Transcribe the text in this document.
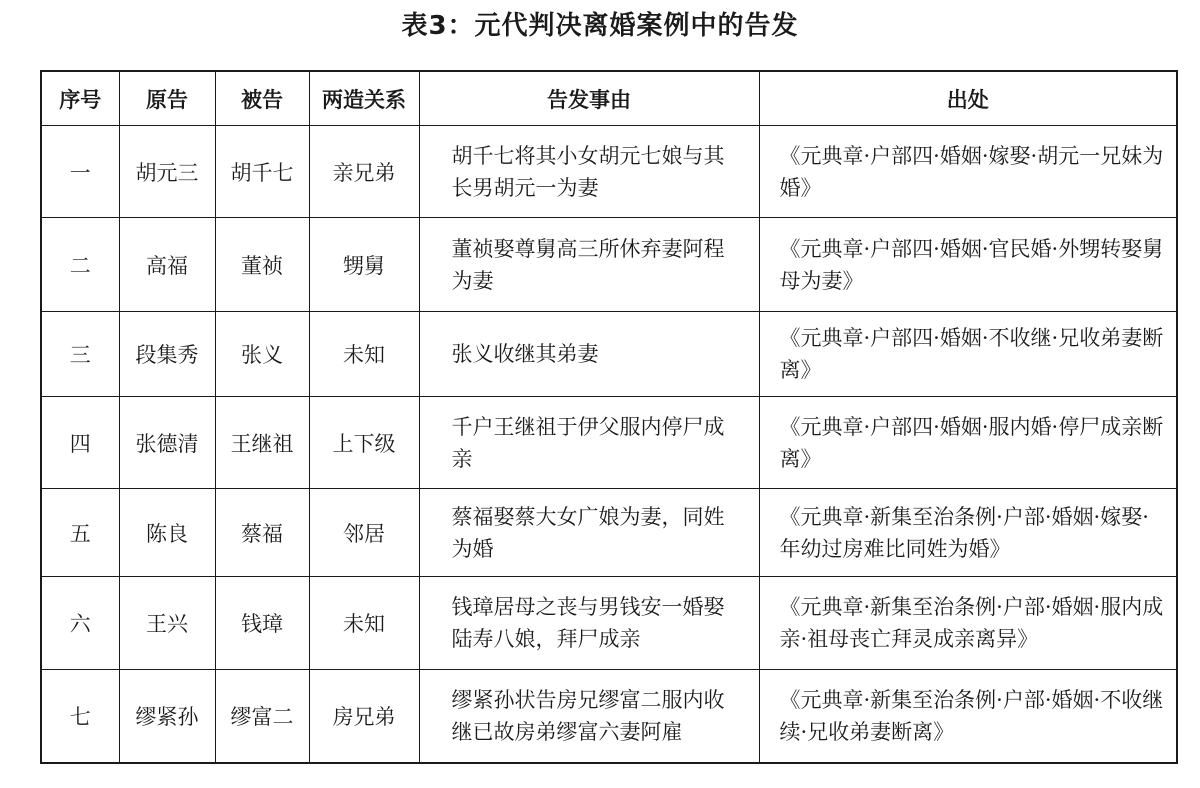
表3：元代判决离婚案例中的告发
序号	原告	被告	两造关系	告发事由	出处
一	胡元三	胡千七	亲兄弟	胡千七将其小女胡元七娘与其长男胡元一为妻	《元典章·户部四·婚姻·嫁娶·胡元一兄妹为婚》
二	高福	董祯	甥舅	董祯娶尊舅高三所休弃妻阿程为妻	《元典章·户部四·婚姻·官民婚·外甥转娶舅母为妻》
三	段集秀	张义	未知	张义收继其弟妻	《元典章·户部四·婚姻·不收继·兄收弟妻断离》
四	张德清	王继祖	上下级	千户王继祖于伊父服内停尸成亲	《元典章·户部四·婚姻·服内婚·停尸成亲断离》
五	陈良	蔡福	邻居	蔡福娶蔡大女广娘为妻，同姓为婚	《元典章·新集至治条例·户部·婚姻·嫁娶·年幼过房难比同姓为婚》
六	王兴	钱璋	未知	钱璋居母之丧与男钱安一婚娶陆寿八娘，拜尸成亲	《元典章·新集至治条例·户部·婚姻·服内成亲·祖母丧亡拜灵成亲离异》
七	缪紧孙	缪富二	房兄弟	缪紧孙状告房兄缪富二服内收继已故房弟缪富六妻阿雇	《元典章·新集至治条例·户部·婚姻·不收继续·兄收弟妻断离》
